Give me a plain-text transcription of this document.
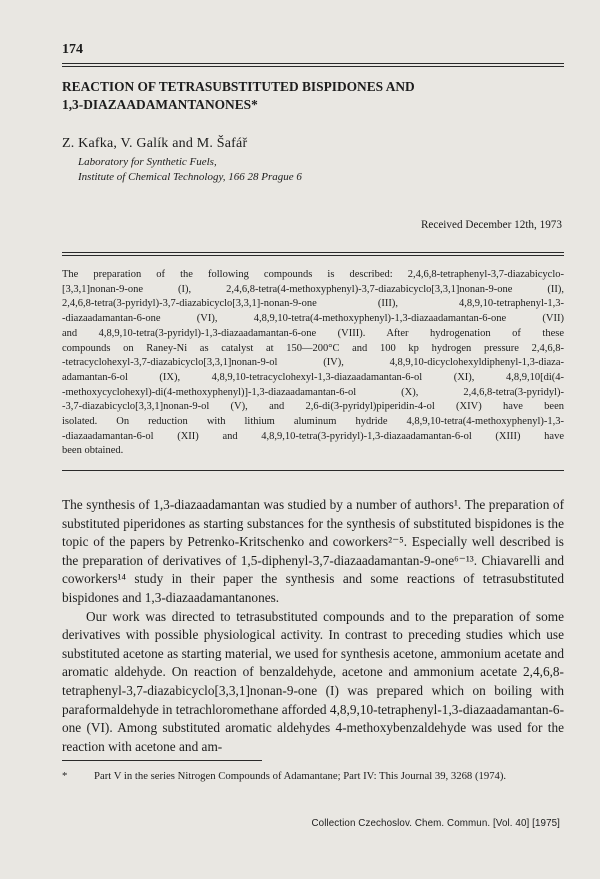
174
REACTION OF TETRASUBSTITUTED BISPIDONES AND
1,3-DIAZAADAMANTANONES*
Z. Kafka, V. Galík and M. Šafář
Laboratory for Synthetic Fuels,
Institute of Chemical Technology, 166 28 Prague 6
Received December 12th, 1973
The preparation of the following compounds is described: 2,4,6,8-tetraphenyl-3,7-diazabicyclo-
[3,3,1]nonan-9-one (I), 2,4,6,8-tetra(4-methoxyphenyl)-3,7-diazabicyclo[3,3,1]nonan-9-one (II),
2,4,6,8-tetra(3-pyridyl)-3,7-diazabicyclo[3,3,1]-nonan-9-one (III), 4,8,9,10-tetraphenyl-1,3-
-diazaadamantan-6-one (VI), 4,8,9,10-tetra(4-methoxyphenyl)-1,3-diazaadamantan-6-one (VII)
and 4,8,9,10-tetra(3-pyridyl)-1,3-diazaadamantan-6-one (VIII). After hydrogenation of these
compounds on Raney-Ni as catalyst at 150—200°C and 100 kp hydrogen pressure 2,4,6,8-
-tetracyclohexyl-3,7-diazabicyclo[3,3,1]nonan-9-ol (IV), 4,8,9,10-dicyclohexyldiphenyl-1,3-diaza-
adamantan-6-ol (IX), 4,8,9,10-tetracyclohexyl-1,3-diazaadamantan-6-ol (XI), 4,8,9,10[di(4-
-methoxycyclohexyl)-di(4-methoxyphenyl)]-1,3-diazaadamantan-6-ol (X), 2,4,6,8-tetra(3-pyridyl)-
-3,7-diazabicyclo[3,3,1]nonan-9-ol (V), and 2,6-di(3-pyridyl)piperidin-4-ol (XIV) have been
isolated. On reduction with lithium aluminum hydride 4,8,9,10-tetra(4-methoxyphenyl)-1,3-
-diazaadamantan-6-ol (XII) and 4,8,9,10-tetra(3-pyridyl)-1,3-diazaadamantan-6-ol (XIII) have
been obtained.

The synthesis of 1,3-diazaadamantan was studied by a number of authors¹. The preparation of substituted piperidones as starting substances for the synthesis of substituted bispidones is the topic of the papers by Petrenko-Kritschenko and coworkers²⁻⁵. Especially well described is the preparation of derivatives of 1,5-diphenyl-3,7-diazaadamantan-9-one⁶⁻¹³. Chiavarelli and coworkers¹⁴ study in their paper the synthesis and some reactions of tetrasubstituted bispidones and 1,3-diazaadamantanones.

Our work was directed to tetrasubstituted compounds and to the preparation of some derivatives with possible physiological activity. In contrast to preceding studies which use substituted acetone as starting material, we used for synthesis acetone, ammonium acetate and aromatic aldehyde. On reaction of benzaldehyde, acetone and ammonium acetate 2,4,6,8-tetraphenyl-3,7-diazabicyclo[3,3,1]nonan-9-one (I) was prepared which on boiling with paraformaldehyde in tetrachloromethane afforded 4,8,9,10-tetraphenyl-1,3-diazaadamantan-6-one (VI). Among substituted aromatic aldehydes 4-methoxybenzaldehyde was used for the reaction with acetone and am-

* Part V in the series Nitrogen Compounds of Adamantane; Part IV: This Journal 39, 3268 (1974).
Collection Czechoslov. Chem. Commun. [Vol. 40] [1975]
